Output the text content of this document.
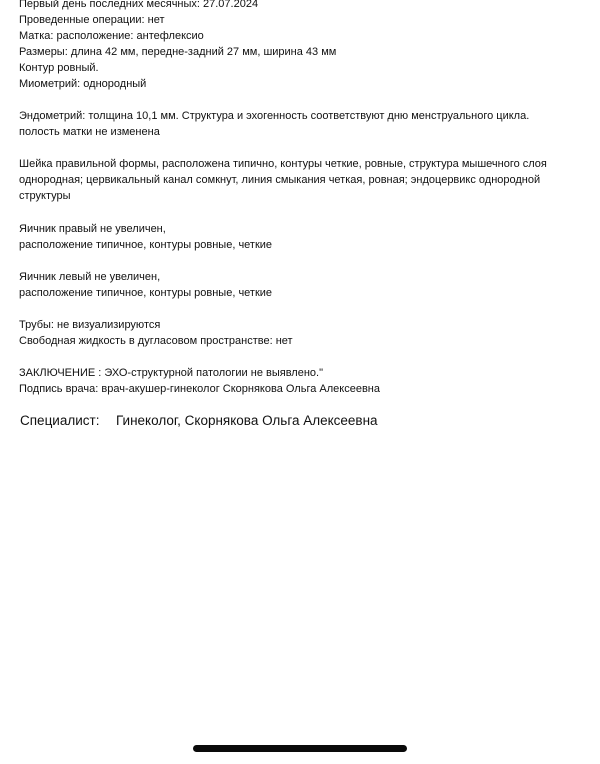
Первый день последних месячных: 27.07.2024
Проведенные операции: нет
Матка: расположение: антефлексио
Размеры: длина 42 мм, передне-задний 27 мм, ширина 43 мм
Контур ровный.
Миометрий: однородный
Эндометрий: толщина 10,1 мм. Структура и эхогенность соответствуют дню менструального цикла.
полость матки не изменена
Шейка правильной формы, расположена типично, контуры четкие, ровные, структура мышечного слоя
однородная; цервикальный канал сомкнут, линия смыкания четкая, ровная; эндоцервикс однородной
структуры
Яичник правый не увеличен,
расположение типичное, контуры ровные, четкие
Яичник левый не увеличен,
расположение типичное, контуры ровные, четкие
Трубы: не визуализируются
Свободная жидкость в дугласовом пространстве: нет
ЗАКЛЮЧЕНИЕ : ЭХО-структурной патологии не выявлено."
Подпись врача: врач-акушер-гинеколог Скорнякова Ольга Алексеевна
Специалист: Гинеколог, Скорнякова Ольга Алексеевна
